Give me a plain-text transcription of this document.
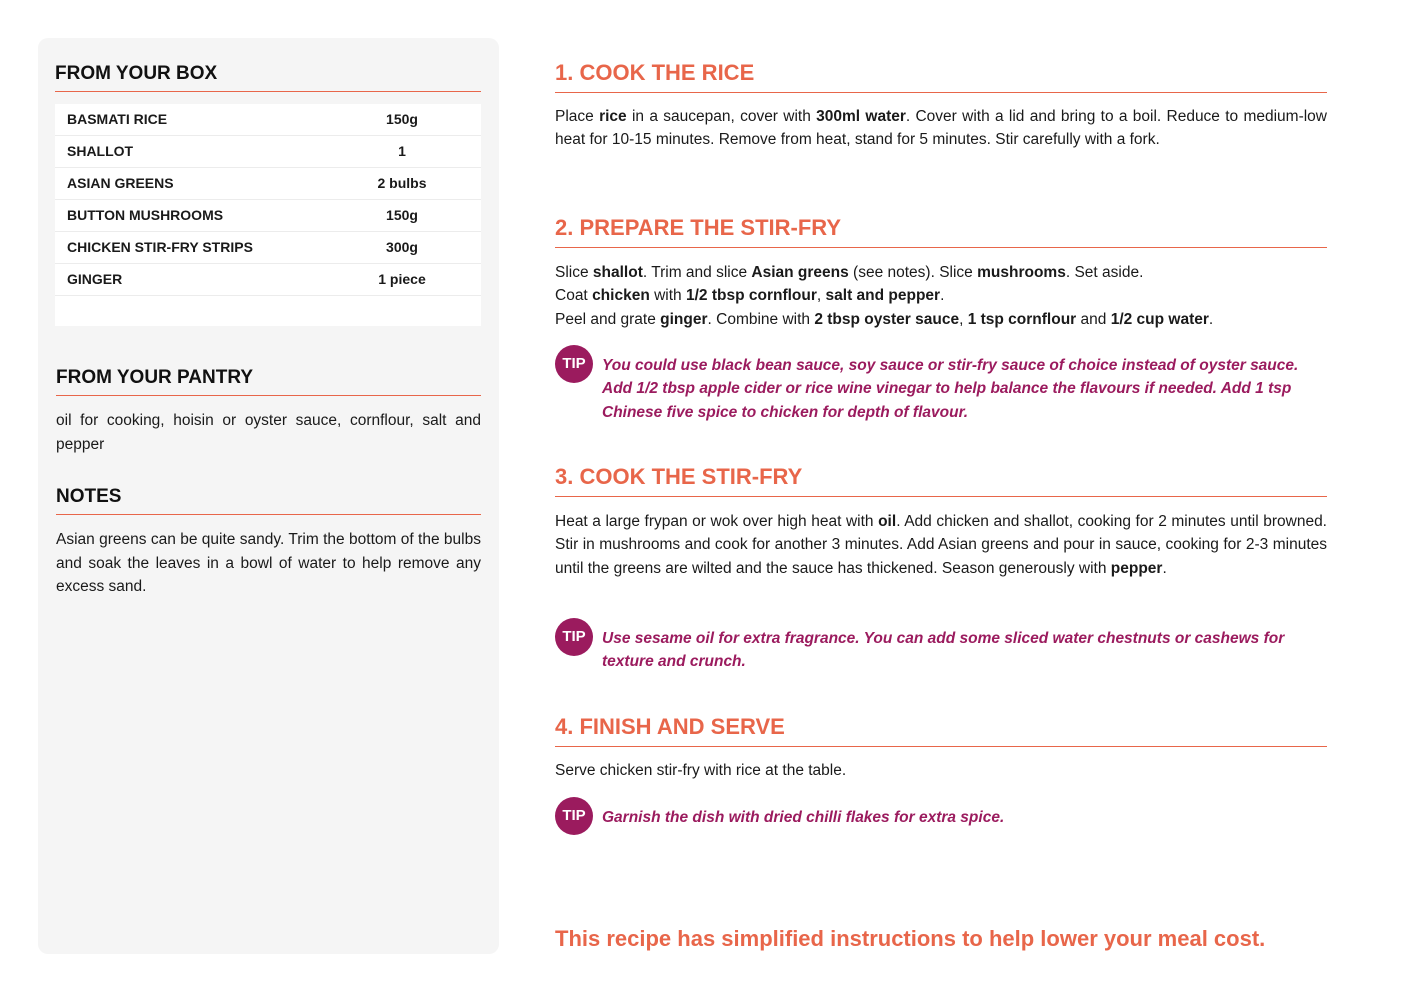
FROM YOUR BOX
BASMATI RICE	150g
SHALLOT	1
ASIAN GREENS	2 bulbs
BUTTON MUSHROOMS	150g
CHICKEN STIR-FRY STRIPS	300g
GINGER	1 piece
FROM YOUR PANTRY
oil for cooking, hoisin or oyster sauce, cornflour, salt and pepper
NOTES
Asian greens can be quite sandy. Trim the bottom of the bulbs and soak the leaves in a bowl of water to help remove any excess sand.
1. COOK THE RICE
Place rice in a saucepan, cover with 300ml water. Cover with a lid and bring to a boil. Reduce to medium-low heat for 10-15 minutes. Remove from heat, stand for 5 minutes. Stir carefully with a fork.
2. PREPARE THE STIR-FRY
Slice shallot. Trim and slice Asian greens (see notes). Slice mushrooms. Set aside.
Coat chicken with 1/2 tbsp cornflour, salt and pepper.
Peel and grate ginger. Combine with 2 tbsp oyster sauce, 1 tsp cornflour and 1/2 cup water.
TIP	You could use black bean sauce, soy sauce or stir-fry sauce of choice instead of oyster sauce. Add 1/2 tbsp apple cider or rice wine vinegar to help balance the flavours if needed. Add 1 tsp Chinese five spice to chicken for depth of flavour.
3. COOK THE STIR-FRY
Heat a large frypan or wok over high heat with oil. Add chicken and shallot, cooking for 2 minutes until browned. Stir in mushrooms and cook for another 3 minutes. Add Asian greens and pour in sauce, cooking for 2-3 minutes until the greens are wilted and the sauce has thickened. Season generously with pepper.
TIP	Use sesame oil for extra fragrance. You can add some sliced water chestnuts or cashews for texture and crunch.
4. FINISH AND SERVE
Serve chicken stir-fry with rice at the table.
TIP	Garnish the dish with dried chilli flakes for extra spice.
This recipe has simplified instructions to help lower your meal cost.
